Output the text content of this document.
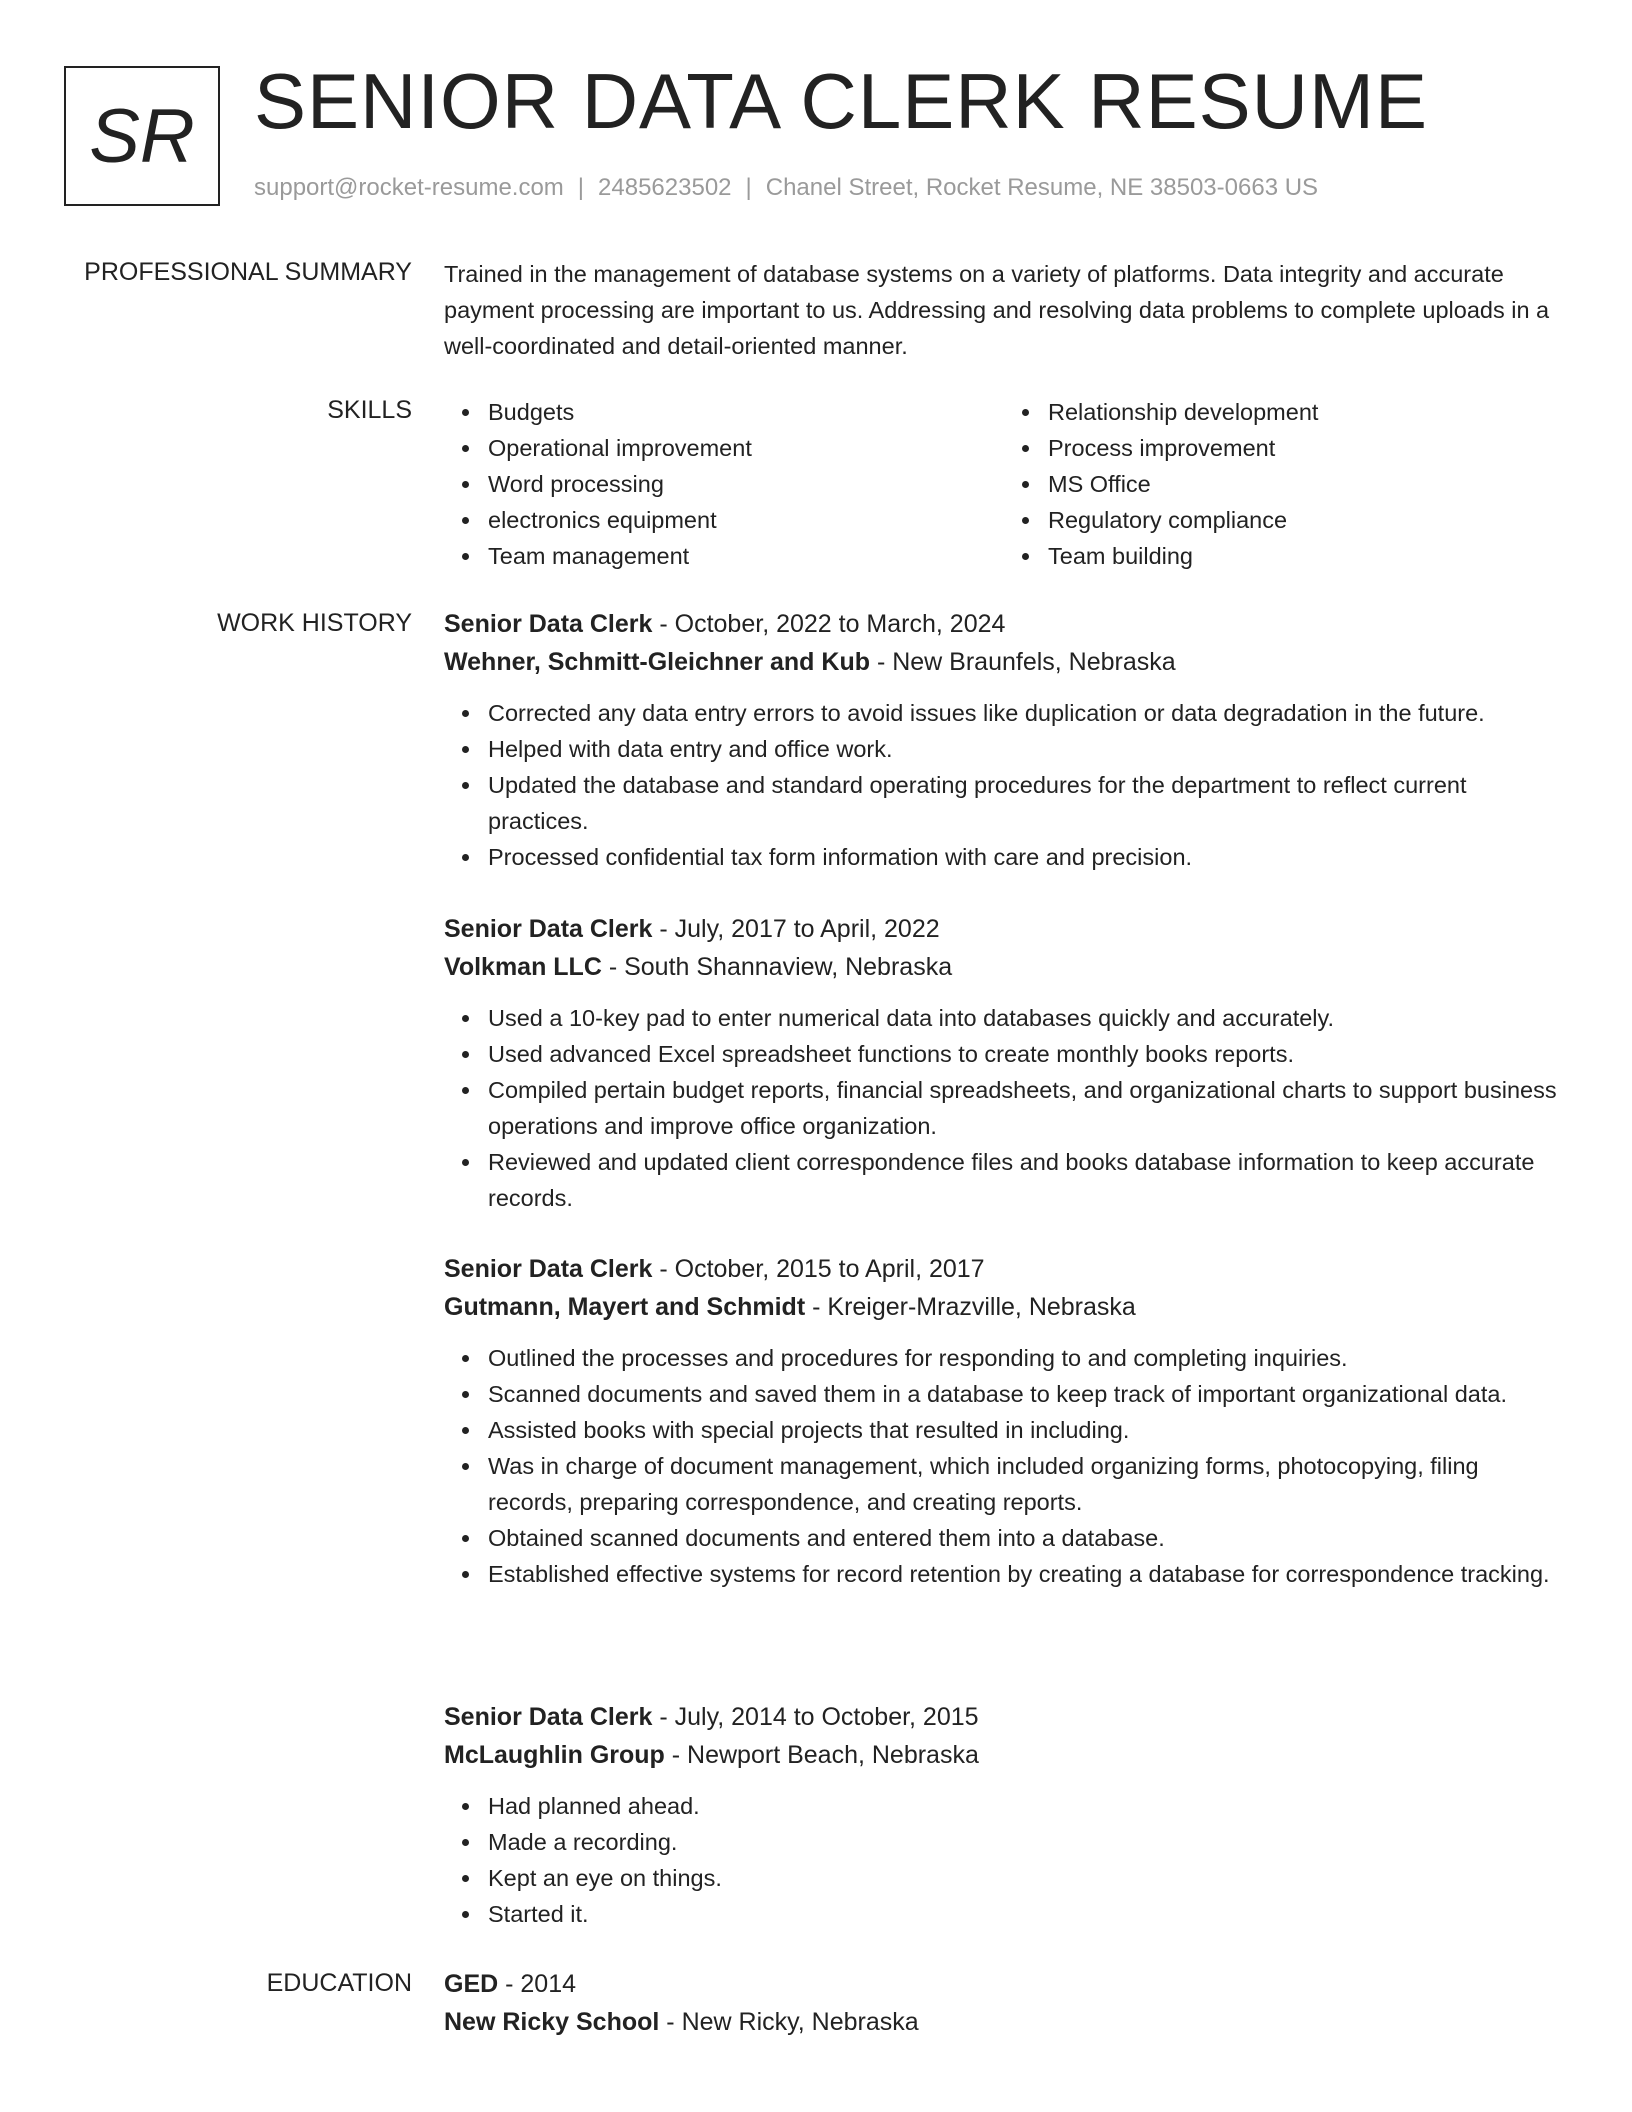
SR SENIOR DATA CLERK RESUME
support@rocket-resume.com | 2485623502 | Chanel Street, Rocket Resume, NE 38503-0663 US
PROFESSIONAL SUMMARY Trained in the management of database systems on a variety of platforms. Data integrity and accurate payment processing are important to us. Addressing and resolving data problems to complete uploads in a well-coordinated and detail-oriented manner.

SKILLS	Budgets
Operational improvement
Word processing
electronics equipment
Team management
Relationship development
Process improvement
MS Office
Regulatory compliance
Team building
WORK HISTORY Senior Data Clerk - October, 2022 to March, 2024
Wehner, Schmitt-Gleichner and Kub - New Braunfels, Nebraska
Corrected any data entry errors to avoid issues like duplication or data degradation in the future.
Helped with data entry and office work.
Updated the database and standard operating procedures for the department to reflect current practices.
Processed confidential tax form information with care and precision.
Senior Data Clerk - July, 2017 to April, 2022
Volkman LLC - South Shannaview, Nebraska
Used a 10-key pad to enter numerical data into databases quickly and accurately.
Used advanced Excel spreadsheet functions to create monthly books reports.
Compiled pertain budget reports, financial spreadsheets, and organizational charts to support business operations and improve office organization.
Reviewed and updated client correspondence files and books database information to keep accurate records.
Senior Data Clerk - October, 2015 to April, 2017
Gutmann, Mayert and Schmidt - Kreiger-Mrazville, Nebraska
Outlined the processes and procedures for responding to and completing inquiries.
Scanned documents and saved them in a database to keep track of important organizational data.
Assisted books with special projects that resulted in including.
Was in charge of document management, which included organizing forms, photocopying, filing records, preparing correspondence, and creating reports.
Obtained scanned documents and entered them into a database.
Established effective systems for record retention by creating a database for correspondence tracking.
Senior Data Clerk - July, 2014 to October, 2015
McLaughlin Group - Newport Beach, Nebraska
Had planned ahead.
Made a recording.
Kept an eye on things.
Started it.
EDUCATION GED - 2014
New Ricky School - New Ricky, Nebraska
